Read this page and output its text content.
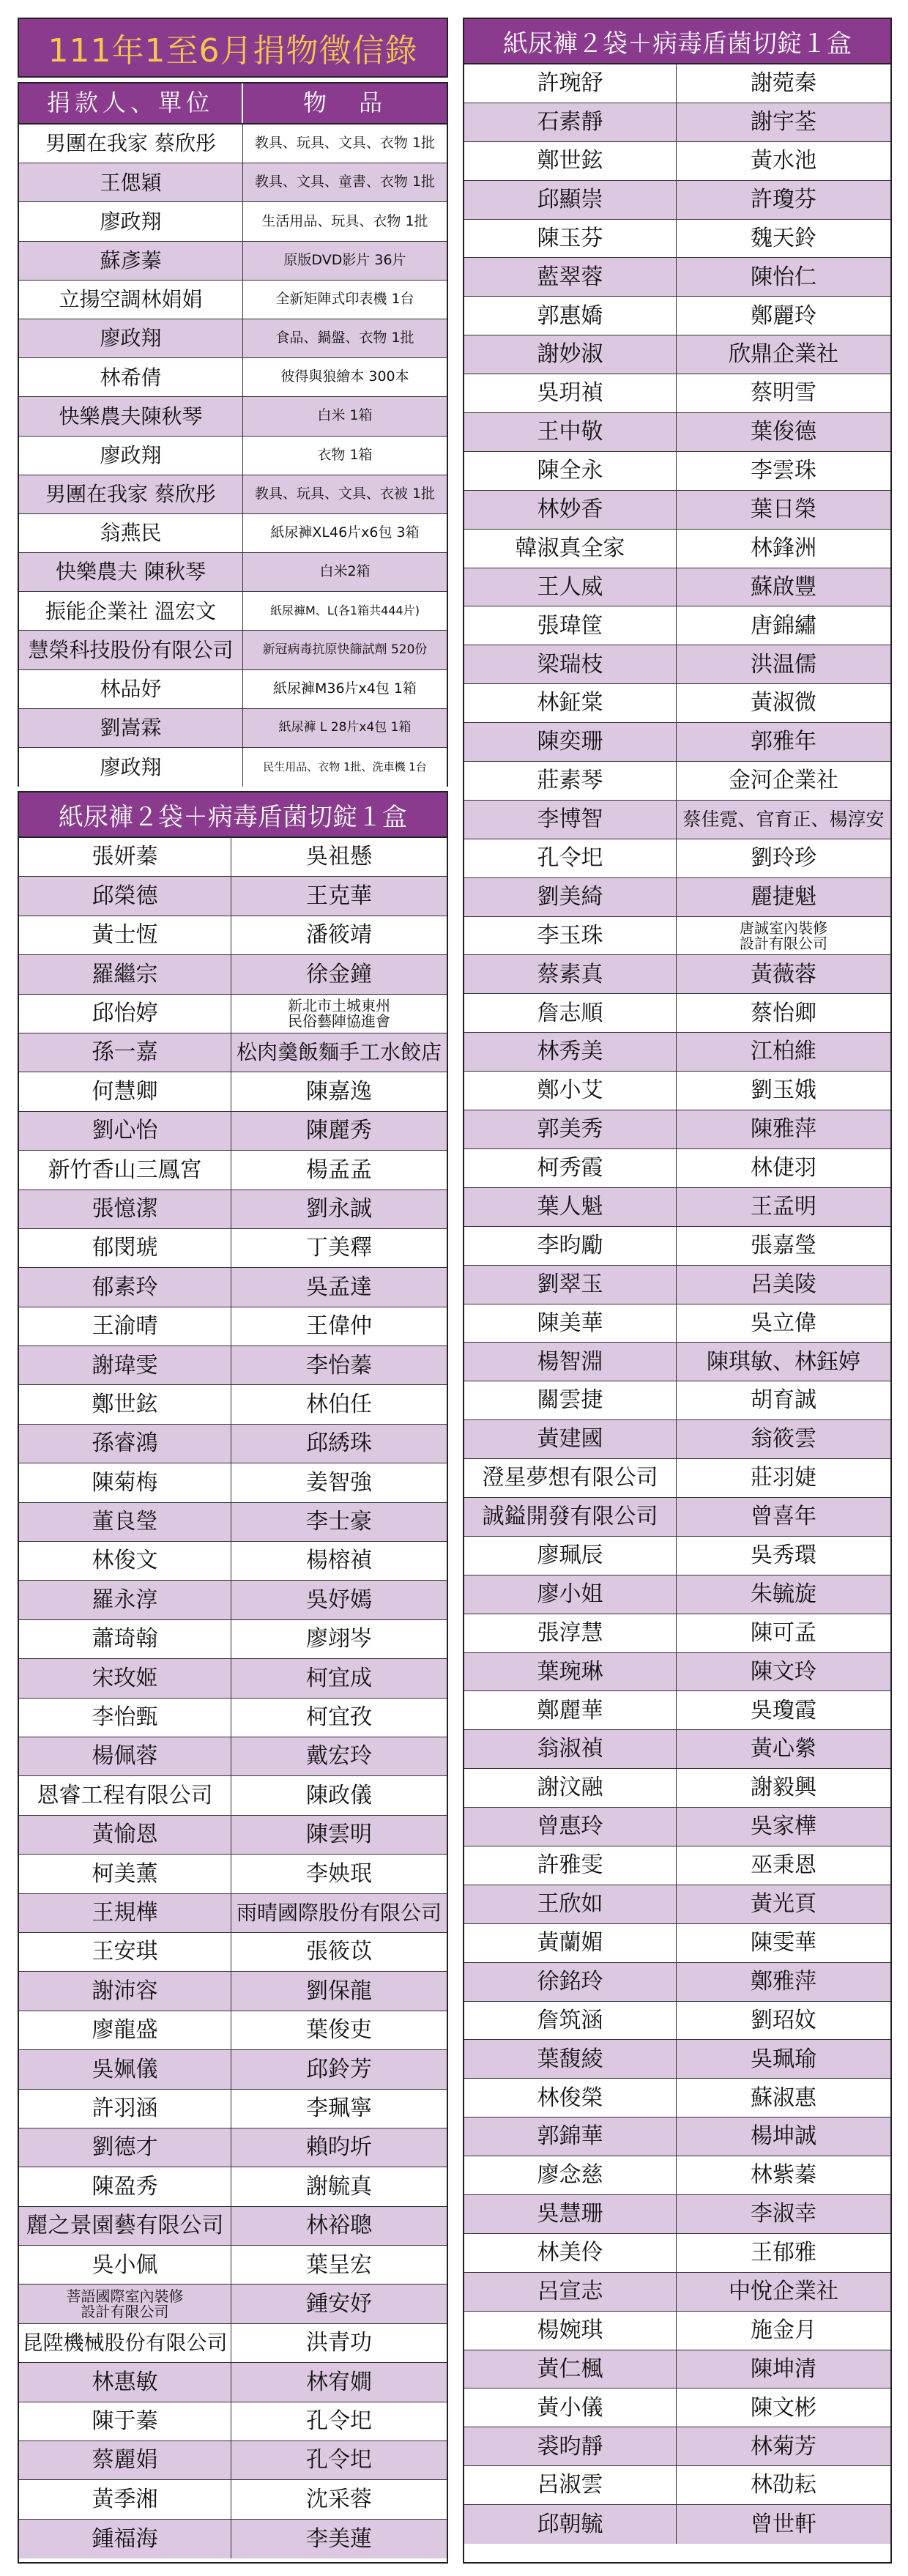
111年1至6月捐物徵信錄
捐款人、單位	物　品
男團在我家 蔡欣彤	教具、玩具、文具、衣物 1批
王偲穎	教具、文具、童書、衣物 1批
廖政翔	生活用品、玩具、衣物 1批
蘇彥蓁	原版DVD影片 36片
立揚空調林娟娟	全新矩陣式印表機 1台
廖政翔	食品、鍋盤、衣物 1批
林希倩	彼得與狼繪本 300本
快樂農夫陳秋琴	白米 1箱
廖政翔	衣物 1箱
男團在我家 蔡欣彤	教具、玩具、文具、衣被 1批
翁燕民	紙尿褲XL46片x6包 3箱
快樂農夫 陳秋琴	白米2箱
振能企業社 溫宏文	紙尿褲M、L(各1箱共444片)
慧榮科技股份有限公司	新冠病毒抗原快篩試劑 520份
林品妤	紙尿褲M36片x4包 1箱
劉嵩霖	紙尿褲 L 28片x4包 1箱
廖政翔	民生用品、衣物 1批、洗車機 1台
紙尿褲２袋＋病毒盾菌切錠１盒
張妍蓁	吳祖懸
邱榮德	王克華
黃士恆	潘筱靖
羅繼宗	徐金鐘
邱怡婷	新北市土城東州
民俗藝陣協進會
孫一嘉	松肉羹飯麵手工水餃店
何慧卿	陳嘉逸
劉心怡	陳麗秀
新竹香山三鳳宮	楊孟孟
張憶潔	劉永誠
郁閔琥	丁美釋
郁素玲	吳孟達
王渝晴	王偉仲
謝瑋雯	李怡蓁
鄭世鉉	林伯任
孫睿鴻	邱綉珠
陳菊梅	姜智強
董良瑩	李士豪
林俊文	楊榕禎
羅永淳	吳妤嫣
蕭琦翰	廖翊岑
宋玫姬	柯宜成
李怡甄	柯宜孜
楊佩蓉	戴宏玲
恩睿工程有限公司	陳政儀
黃愉恩	陳雲明
柯美薰	李姎珉
王規樺	雨晴國際股份有限公司
王安琪	張筱苡
謝沛容	劉保龍
廖龍盛	葉俊吏
吳姵儀	邱鈴芳
許羽涵	李珮寧
劉德才	賴昀圻
陳盈秀	謝毓真
麗之景園藝有限公司	林裕聰
吳小佩	葉呈宏
菩語國際室內裝修
設計有限公司	鍾安妤
昆陞機械股份有限公司	洪青功
林惠敏	林宥嫺
陳于蓁	孔令圯
蔡麗娟	孔令圯
黃季湘	沈采蓉
鍾福海	李美蓮
紙尿褲２袋＋病毒盾菌切錠１盒
許琬舒	謝菀秦
石素靜	謝宇荃
鄭世鉉	黃水池
邱顯崇	許瓊芬
陳玉芬	魏天鈴
藍翠蓉	陳怡仁
郭惠嬌	鄭麗玲
謝妙淑	欣鼎企業社
吳玥禎	蔡明雪
王中敬	葉俊德
陳全永	李雲珠
林妙香	葉日榮
韓淑真全家	林鋒洲
王人威	蘇啟豐
張瑋筐	唐錦繡
梁瑞枝	洪温儒
林鉦棠	黃淑微
陳奕珊	郭雅年
莊素琴	金河企業社
李博智	蔡佳霓、官育正、楊淳安
孔令圯	劉玲珍
劉美綺	麗捷魁
李玉珠	唐誠室內裝修
設計有限公司
蔡素真	黃薇蓉
詹志順	蔡怡卿
林秀美	江柏維
鄭小艾	劉玉娥
郭美秀	陳雅萍
柯秀霞	林倢羽
葉人魁	王孟明
李昀勵	張嘉瑩
劉翠玉	呂美陵
陳美華	吳立偉
楊智淵	陳琪敏、林鈺婷
關雲捷	胡育誠
黃建國	翁筱雲
澄星夢想有限公司	莊羽婕
誠鎰開發有限公司	曾喜年
廖珮辰	吳秀環
廖小姐	朱毓旋
張淳慧	陳可孟
葉琬琳	陳文玲
鄭麗華	吳瓊霞
翁淑禎	黃心縈
謝汶融	謝毅興
曾惠玲	吳家樺
許雅雯	巫秉恩
王欣如	黃光頁
黃蘭媚	陳雯華
徐銘玲	鄭雅萍
詹筑涵	劉玿妏
葉馥綾	吳珮瑜
林俊榮	蘇淑惠
郭錦華	楊坤誠
廖念慈	林紫蓁
吳慧珊	李淑幸
林美伶	王郁雅
呂宣志	中悅企業社
楊婉琪	施金月
黃仁楓	陳坤清
黃小儀	陳文彬
裘昀靜	林菊芳
呂淑雲	林劭耘
邱朝毓	曾世軒
